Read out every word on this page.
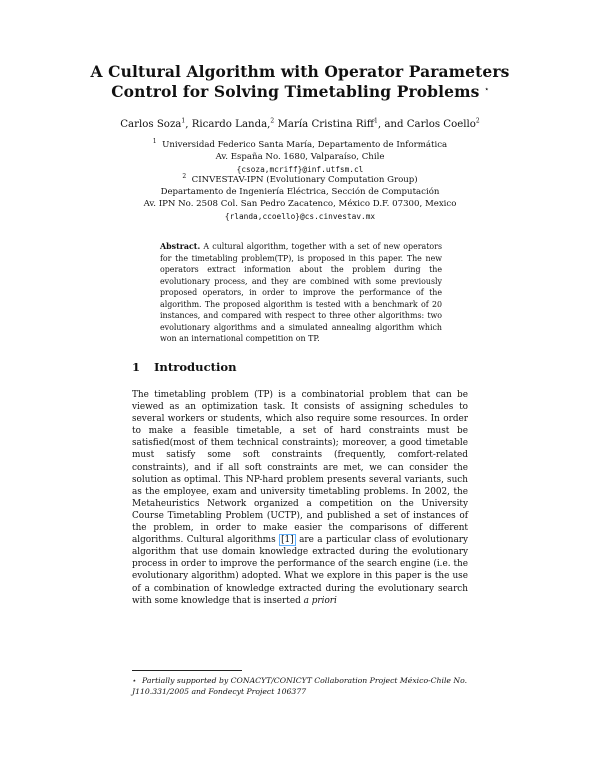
A Cultural Algorithm with Operator Parameters
Control for Solving Timetabling Problems ⋆
Carlos Soza$^1$, Ricardo Landa,$^2$ María Cristina Riff$^1$, and Carlos Coello$^2$
$^1$ Universidad Federico Santa María, Departamento de Informática
Av. España No. 1680, Valparaíso, Chile
{csoza,mcriff}@inf.utfsm.cl
$^2$ CINVESTAV-IPN (Evolutionary Computation Group)
Departamento de Ingeniería Eléctrica, Sección de Computación
Av. IPN No. 2508 Col. San Pedro Zacatenco, México D.F. 07300, Mexico
{rlanda,ccoello}@cs.cinvestav.mx
Abstract. A cultural algorithm, together with a set of new operators for the timetabling problem(TP), is proposed in this paper. The new operators extract information about the problem during the evolutionary process, and they are combined with some previously proposed operators, in order to improve the performance of the algorithm. The proposed algorithm is tested with a benchmark of 20 instances, and compared with respect to three other algorithms: two evolutionary algorithms and a simulated annealing algorithm which won an international competition on TP.
1 Introduction
The timetabling problem (TP) is a combinatorial problem that can be viewed as an optimization task. It consists of assigning schedules to several workers or students, which also require some resources. In order to make a feasible timetable, a set of hard constraints must be satisfied(most of them technical constraints); moreover, a good timetable must satisfy some soft constraints (frequently, comfort-related constraints), and if all soft constraints are met, we can consider the solution as optimal. This NP-hard problem presents several variants, such as the employee, exam and university timetabling problems. In 2002, the Metaheuristics Network organized a competition on the University Course Timetabling Problem (UCTP), and published a set of instances of the problem, in order to make easier the comparisons of different algorithms. Cultural algorithms [1] are a particular class of evolutionary algorithm that use domain knowledge extracted during the evolutionary process in order to improve the performance of the search engine (i.e. the evolutionary algorithm) adopted. What we explore in this paper is the use of a combination of knowledge extracted during the evolutionary search with some knowledge that is inserted a priori
⋆ Partially supported by CONACYT/CONICYT Collaboration Project México-Chile No. J110.331/2005 and Fondecyt Project 106377
